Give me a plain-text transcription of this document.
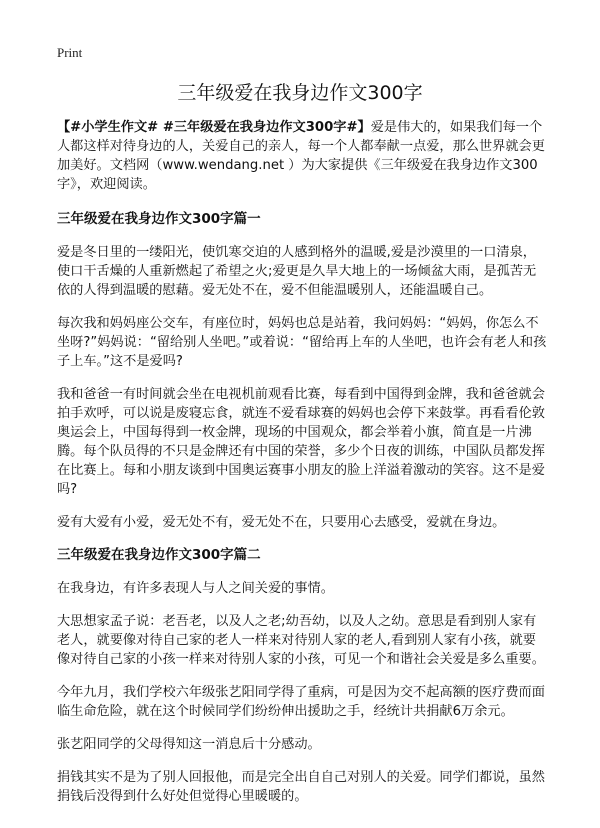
Print
三年级爱在我身边作文300字

【#小学生作文# #三年级爱在我身边作文300字#】爱是伟大的，如果我们每一个人都这样对待身边的人，关爱自己的亲人，每一个人都奉献一点爱，那么世界就会更加美好。文档网（www.wendang.net ）为大家提供《三年级爱在我身边作文300字》，欢迎阅读。

三年级爱在我身边作文300字篇一

爱是冬日里的一缕阳光，使饥寒交迫的人感到格外的温暖,爱是沙漠里的一口清泉，使口干舌燥的人重新燃起了希望之火;爱更是久旱大地上的一场倾盆大雨，是孤苦无依的人得到温暖的慰藉。爱无处不在，爱不但能温暖别人，还能温暖自己。

每次我和妈妈座公交车，有座位时，妈妈也总是站着，我问妈妈：“妈妈，你怎么不坐呀?”妈妈说：“留给别人坐吧。”或着说：“留给再上车的人坐吧，也许会有老人和孩子上车。”这不是爱吗?

我和爸爸一有时间就会坐在电视机前观看比赛，每看到中国得到金牌，我和爸爸就会拍手欢呼，可以说是废寝忘食，就连不爱看球赛的妈妈也会停下来鼓掌。再看看伦敦奥运会上，中国每得到一枚金牌，现场的中国观众，都会举着小旗，简直是一片沸腾。每个队员得的不只是金牌还有中国的荣誉，多少个日夜的训练，中国队员都发挥在比赛上。每和小朋友谈到中国奥运赛事小朋友的脸上洋溢着激动的笑容。这不是爱吗?

爱有大爱有小爱，爱无处不有，爱无处不在，只要用心去感受，爱就在身边。

三年级爱在我身边作文300字篇二

在我身边，有许多表现人与人之间关爱的事情。

大思想家孟子说：老吾老，以及人之老;幼吾幼，以及人之幼。意思是看到别人家有老人，就要像对待自己家的老人一样来对待别人家的老人,看到别人家有小孩，就要像对待自己家的小孩一样来对待别人家的小孩，可见一个和谐社会关爱是多么重要。

今年九月，我们学校六年级张艺阳同学得了重病，可是因为交不起高额的医疗费而面临生命危险，就在这个时候同学们纷纷伸出援助之手，经统计共捐献6万余元。

张艺阳同学的父母得知这一消息后十分感动。

捐钱其实不是为了别人回报他，而是完全出自自己对别人的关爱。同学们都说，虽然捐钱后没得到什么好处但觉得心里暖暖的。
